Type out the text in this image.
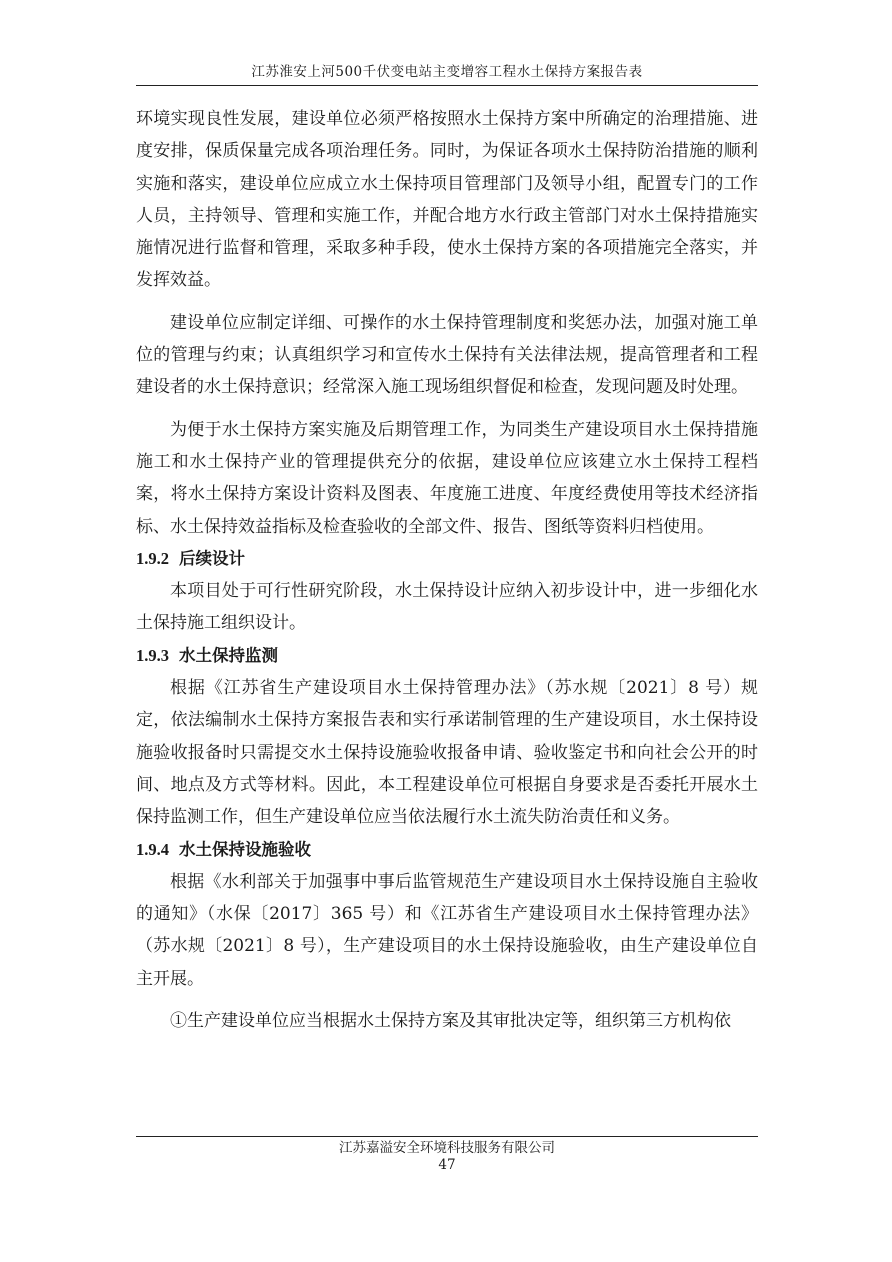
江苏淮安上河500千伏变电站主变增容工程水土保持方案报告表

环境实现良性发展，建设单位必须严格按照水土保持方案中所确定的治理措施、进度安排，保质保量完成各项治理任务。同时，为保证各项水土保持防治措施的顺利实施和落实，建设单位应成立水土保持项目管理部门及领导小组，配置专门的工作人员，主持领导、管理和实施工作，并配合地方水行政主管部门对水土保持措施实施情况进行监督和管理，采取多种手段，使水土保持方案的各项措施完全落实，并发挥效益。

建设单位应制定详细、可操作的水土保持管理制度和奖惩办法，加强对施工单位的管理与约束；认真组织学习和宣传水土保持有关法律法规，提高管理者和工程建设者的水土保持意识；经常深入施工现场组织督促和检查，发现问题及时处理。

为便于水土保持方案实施及后期管理工作，为同类生产建设项目水土保持措施施工和水土保持产业的管理提供充分的依据，建设单位应该建立水土保持工程档案，将水土保持方案设计资料及图表、年度施工进度、年度经费使用等技术经济指标、水土保持效益指标及检查验收的全部文件、报告、图纸等资料归档使用。

1.9.2 后续设计

本项目处于可行性研究阶段，水土保持设计应纳入初步设计中，进一步细化水土保持施工组织设计。

1.9.3 水土保持监测

根据《江苏省生产建设项目水土保持管理办法》（苏水规〔2021〕8 号）规定，依法编制水土保持方案报告表和实行承诺制管理的生产建设项目，水土保持设施验收报备时只需提交水土保持设施验收报备申请、验收鉴定书和向社会公开的时间、地点及方式等材料。因此，本工程建设单位可根据自身要求是否委托开展水土保持监测工作，但生产建设单位应当依法履行水土流失防治责任和义务。

1.9.4 水土保持设施验收

根据《水利部关于加强事中事后监管规范生产建设项目水土保持设施自主验收的通知》（水保〔2017〕365 号）和《江苏省生产建设项目水土保持管理办法》（苏水规〔2021〕8 号），生产建设项目的水土保持设施验收，由生产建设单位自主开展。

①生产建设单位应当根据水土保持方案及其审批决定等，组织第三方机构依

江苏嘉溢安全环境科技服务有限公司
47
